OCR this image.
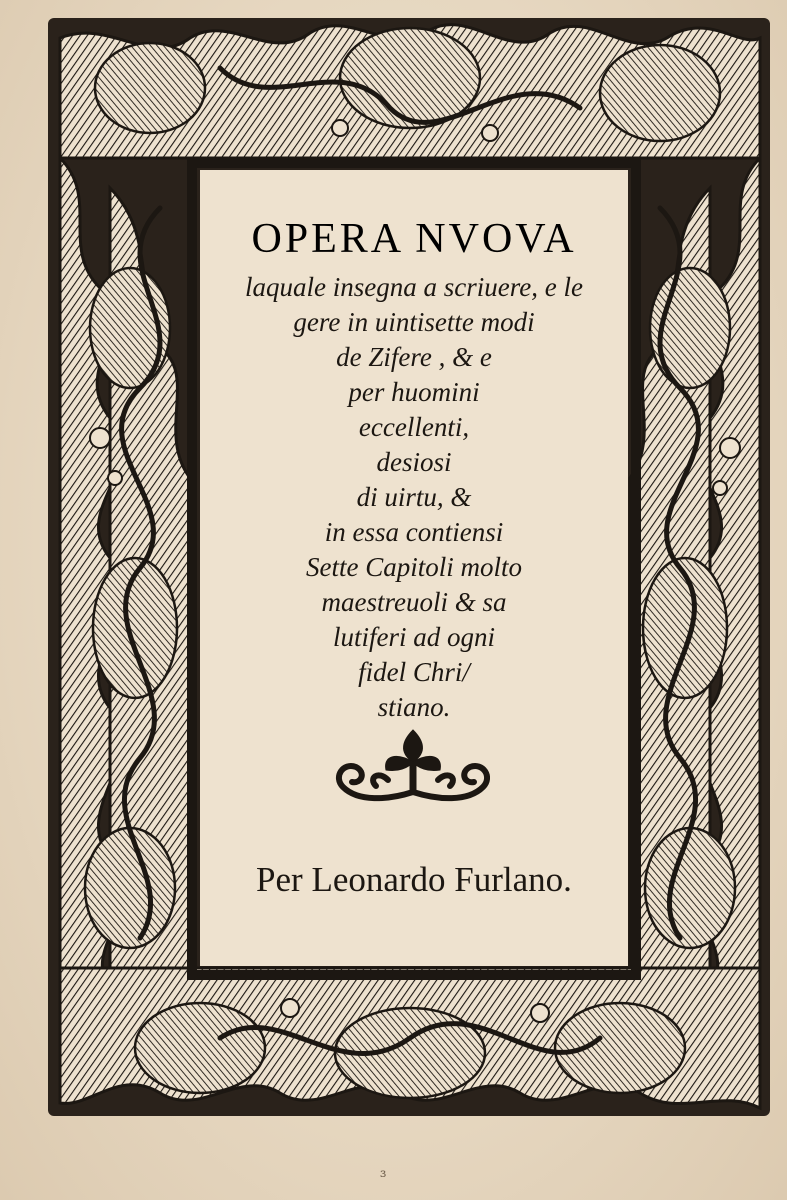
OPERA NVOVA
laquale insegna a scriuere, e le
gere in uintisette modi
de Zifere , & e
per huomini
eccellenti,
desiosi
di uirtu, &
in essa contiensi
Sette Capitoli molto
maestreuoli & sa
lutiferi ad ogni
fidel Chri/
stiano.
Per Leonardo Furlano.
ɜ
